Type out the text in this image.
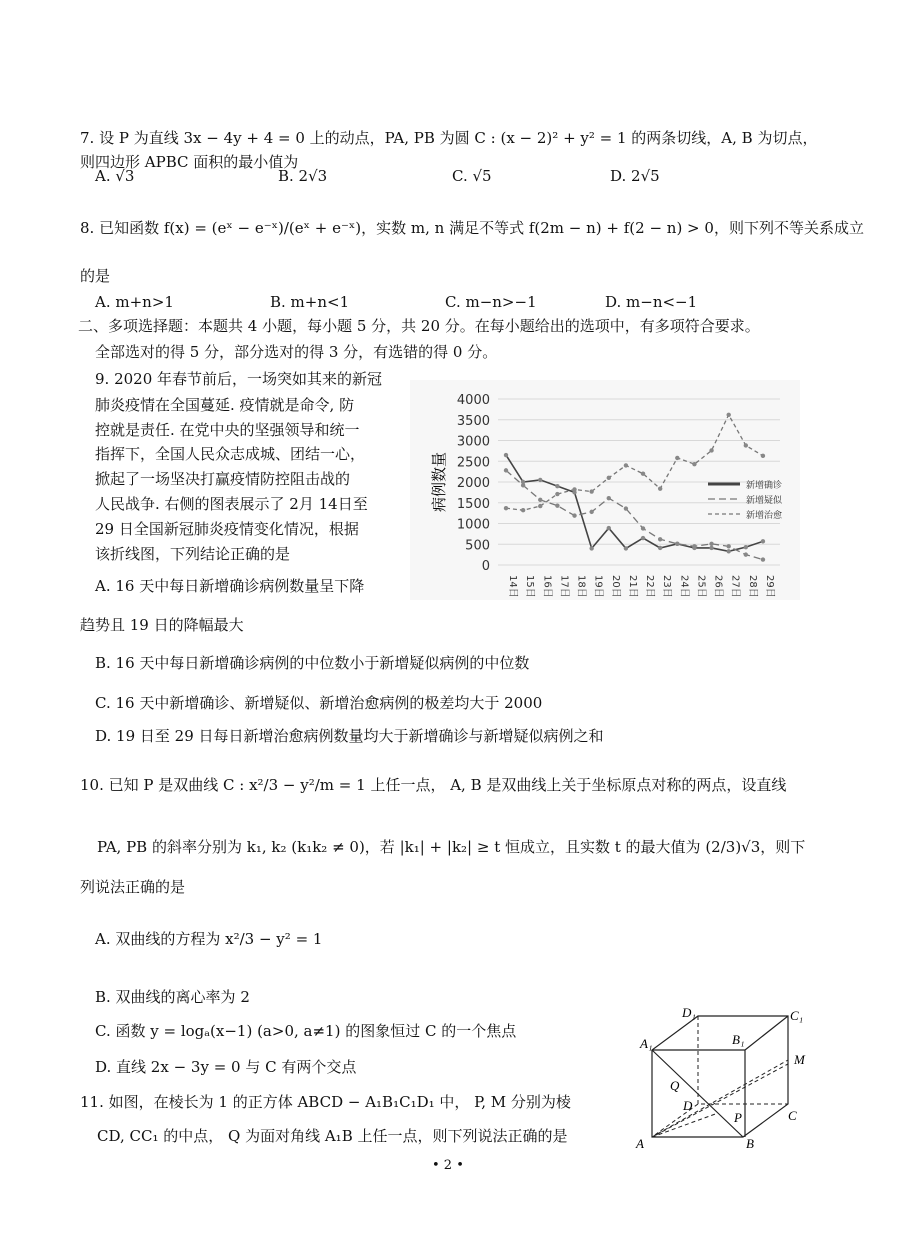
7. 设 P 为直线 3x − 4y + 4 = 0 上的动点，PA, PB 为圆 C : (x − 2)² + y² = 1 的两条切线，A, B 为切点，
则四边形 APBC 面积的最小值为
A. √3	B. 2√3	C. √5	D. 2√5
8. 已知函数 f(x) = (eˣ − e⁻ˣ)/(eˣ + e⁻ˣ)，实数 m, n 满足不等式 f(2m − n) + f(2 − n) > 0，则下列不等关系成立
的是
A. m+n>1	B. m+n<1	C. m−n>−1	D. m−n<−1
二、多项选择题：本题共 4 小题，每小题 5 分，共 20 分。在每小题给出的选项中，有多项符合要求。
全部选对的得 5 分，部分选对的得 3 分，有选错的得 0 分。
9. 2020 年春节前后，一场突如其来的新冠
肺炎疫情在全国蔓延. 疫情就是命令, 防
控就是责任. 在党中央的坚强领导和统一
指挥下，全国人民众志成城、团结一心，
掀起了一场坚决打赢疫情防控阻击战的
人民战争. 右侧的图表展示了 2月 14日至
29 日全国新冠肺炎疫情变化情况，根据
该折线图，下列结论正确的是
A. 16 天中每日新增确诊病例数量呈下降
趋势且 19 日的降幅最大
B. 16 天中每日新增确诊病例的中位数小于新增疑似病例的中位数
C. 16 天中新增确诊、新增疑似、新增治愈病例的极差均大于 2000
D. 19 日至 29 日每日新增治愈病例数量均大于新增确诊与新增疑似病例之和
0
500
1000
1500
2000
2500
3000
3500
4000
14日 15日 16日 17日 18日 19日 20日 21日 22日 23日 24日 25日 26日 27日 28日 29日
新增确诊
新增疑似
新增治愈
病例数量
10. 已知 P 是双曲线 C : x²/3 − y²/m = 1 上任一点， A, B 是双曲线上关于坐标原点对称的两点，设直线
PA, PB 的斜率分别为 k₁, k₂ (k₁k₂ ≠ 0)，若 |k₁| + |k₂| ≥ t 恒成立，且实数 t 的最大值为 (2/3)√3，则下
列说法正确的是
A. 双曲线的方程为 x²/3 − y² = 1
B. 双曲线的离心率为 2
C. 函数 y = logₐ(x−1) (a>0, a≠1) 的图象恒过 C 的一个焦点
D. 直线 2x − 3y = 0 与 C 有两个交点
11. 如图，在棱长为 1 的正方体 ABCD − A₁B₁C₁D₁ 中， P, M 分别为棱
CD, CC₁ 的中点， Q 为面对角线 A₁B 上任一点，则下列说法正确的是
D₁	C₁
A₁	B₁
M
Q
D
P	C
A	B
• 2 •
